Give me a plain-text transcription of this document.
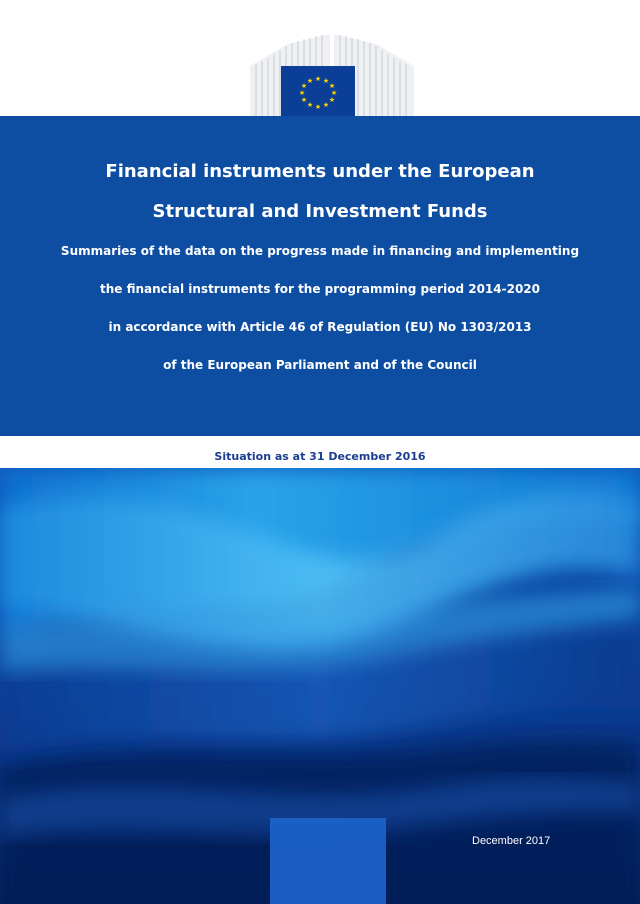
★ ★
★
★
★
★
★
★
★
★
★
★
Financial instruments under the European
Structural and Investment Funds
Summaries of the data on the progress made in financing and implementing
the financial instruments for the programming period 2014-2020
in accordance with Article 46 of Regulation (EU) No 1303/2013
of the European Parliament and of the Council
Situation as at 31 December 2016
December 2017
